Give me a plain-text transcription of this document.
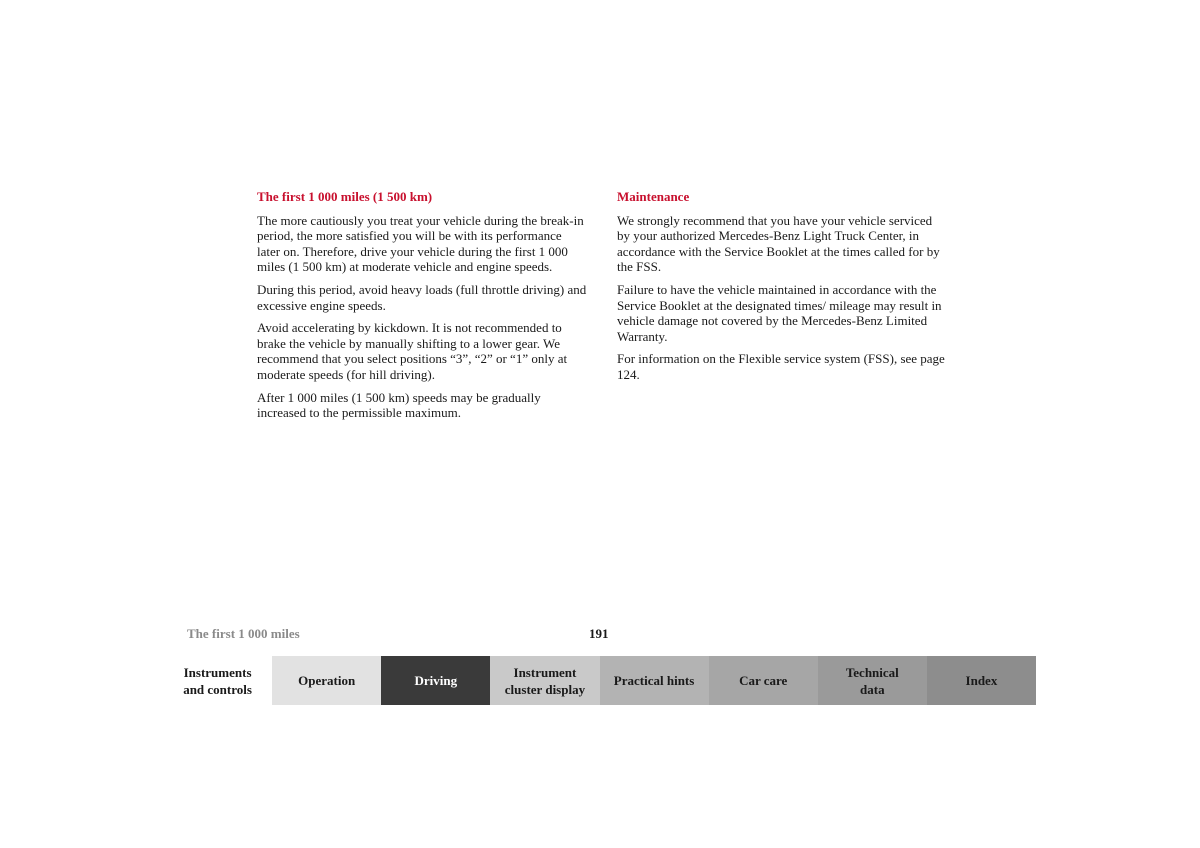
The first 1 000 miles (1 500 km)

The more cautiously you treat your vehicle during the break-in period, the more satisfied you will be with its performance later on. Therefore, drive your vehicle during the first 1 000 miles (1 500 km) at moderate vehicle and engine speeds.

During this period, avoid heavy loads (full throttle driving) and excessive engine speeds.

Avoid accelerating by kickdown. It is not recommended to brake the vehicle by manually shifting to a lower gear. We recommend that you select positions “3”, “2” or “1” only at moderate speeds (for hill driving).

After 1 000 miles (1 500 km) speeds may be gradually increased to the permissible maximum.

Maintenance

We strongly recommend that you have your vehicle serviced by your authorized Mercedes-Benz Light Truck Center, in accordance with the Service Booklet at the times called for by the FSS.

Failure to have the vehicle maintained in accordance with the Service Booklet at the designated times/ mileage may result in vehicle damage not covered by the Mercedes-Benz Limited Warranty.

For information on the Flexible service system (FSS), see page 124.

The first 1 000 miles	191
Instruments
and controls
Operation	Driving
Instrument
cluster display
Practical hints	Car care
Technical
data
Index
